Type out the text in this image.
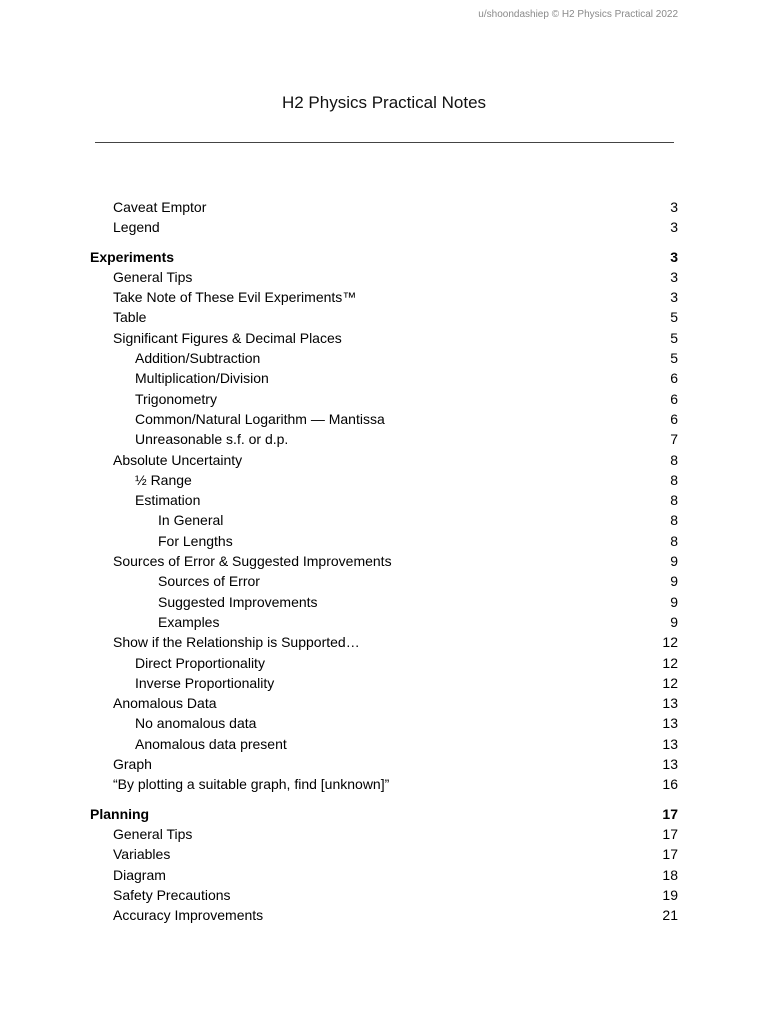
u/shoondashiep © H2 Physics Practical 2022
H2 Physics Practical Notes
Caveat Emptor	3
Legend	3
Experiments	3
General Tips	3
Take Note of These Evil Experiments™	3
Table	5
Significant Figures & Decimal Places	5
Addition/Subtraction	5
Multiplication/Division	6
Trigonometry	6
Common/Natural Logarithm — Mantissa	6
Unreasonable s.f. or d.p.	7
Absolute Uncertainty	8
½ Range	8
Estimation	8
In General	8
For Lengths	8
Sources of Error & Suggested Improvements	9
Sources of Error	9
Suggested Improvements	9
Examples	9
Show if the Relationship is Supported…	12
Direct Proportionality	12
Inverse Proportionality	12
Anomalous Data	13
No anomalous data	13
Anomalous data present	13
Graph	13
“By plotting a suitable graph, find [unknown]”	16
Planning	17
General Tips	17
Variables	17
Diagram	18
Safety Precautions	19
Accuracy Improvements	21
